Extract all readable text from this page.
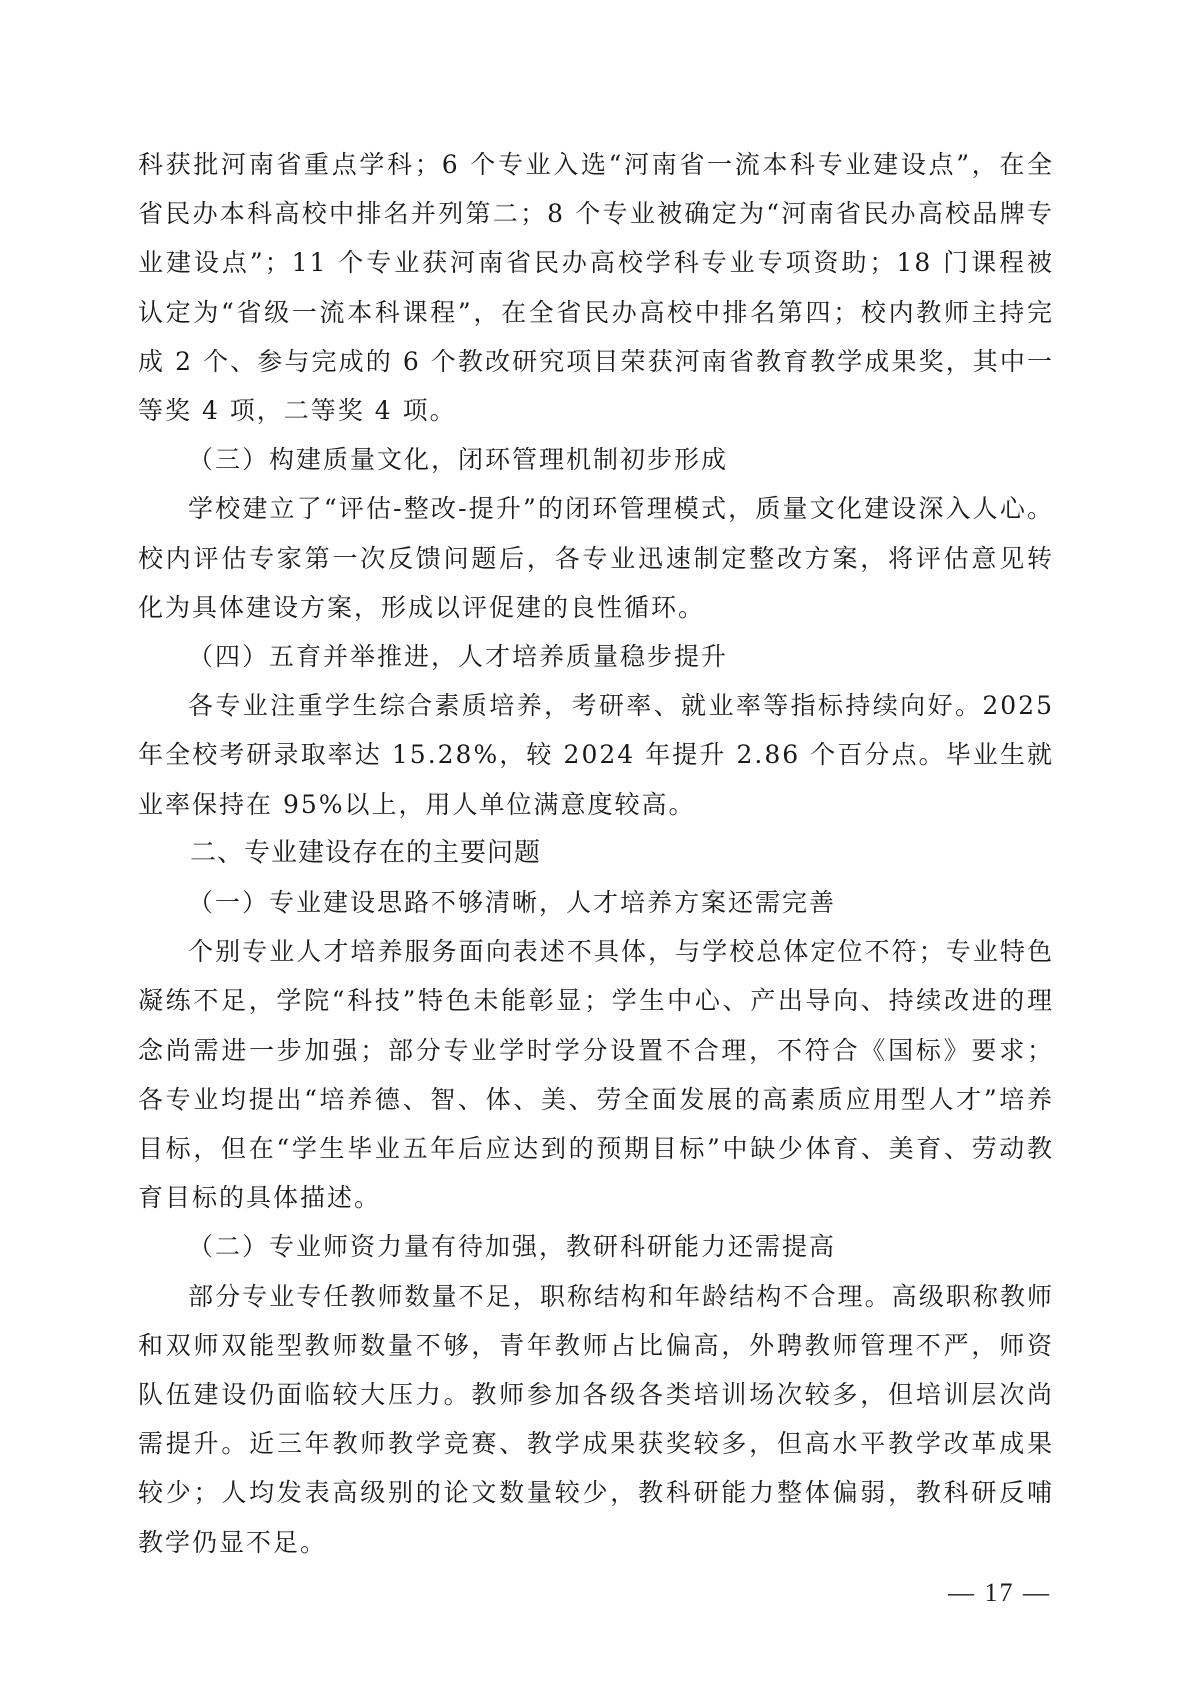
科获批河南省重点学科；6 个专业入选“河南省一流本科专业建设点”，在全省民办本科高校中排名并列第二；8 个专业被确定为“河南省民办高校品牌专业建设点”；11 个专业获河南省民办高校学科专业专项资助；18 门课程被认定为“省级一流本科课程”，在全省民办高校中排名第四；校内教师主持完成 2 个、参与完成的 6 个教改研究项目荣获河南省教育教学成果奖，其中一等奖 4 项，二等奖 4 项。

（三）构建质量文化，闭环管理机制初步形成

学校建立了“评估-整改-提升”的闭环管理模式，质量文化建设深入人心。校内评估专家第一次反馈问题后，各专业迅速制定整改方案，将评估意见转化为具体建设方案，形成以评促建的良性循环。

（四）五育并举推进，人才培养质量稳步提升

各专业注重学生综合素质培养，考研率、就业率等指标持续向好。2025 年全校考研录取率达 15.28%，较 2024 年提升 2.86 个百分点。毕业生就业率保持在 95%以上，用人单位满意度较高。

二、专业建设存在的主要问题

（一）专业建设思路不够清晰，人才培养方案还需完善

个别专业人才培养服务面向表述不具体，与学校总体定位不符；专业特色凝练不足，学院“科技”特色未能彰显；学生中心、产出导向、持续改进的理念尚需进一步加强；部分专业学时学分设置不合理，不符合《国标》要求；各专业均提出“培养德、智、体、美、劳全面发展的高素质应用型人才”培养目标，但在“学生毕业五年后应达到的预期目标”中缺少体育、美育、劳动教育目标的具体描述。

（二）专业师资力量有待加强，教研科研能力还需提高

部分专业专任教师数量不足，职称结构和年龄结构不合理。高级职称教师和双师双能型教师数量不够，青年教师占比偏高，外聘教师管理不严，师资队伍建设仍面临较大压力。教师参加各级各类培训场次较多，但培训层次尚需提升。近三年教师教学竞赛、教学成果获奖较多，但高水平教学改革成果较少；人均发表高级别的论文数量较少，教科研能力整体偏弱，教科研反哺教学仍显不足。

— 17 —
